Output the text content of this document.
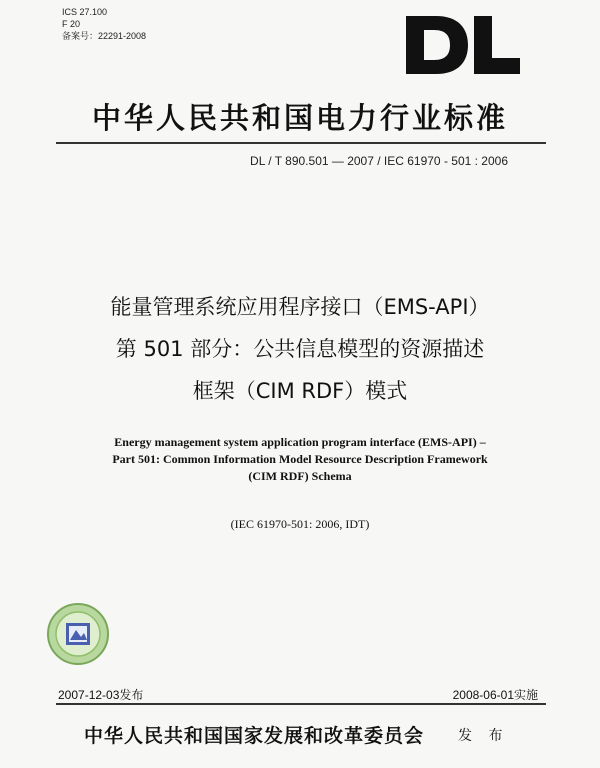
ICS 27.100
F 20
备案号：22291-2008
中华人民共和国电力行业标准
DL / T 890.501 — 2007 / IEC 61970 - 501 : 2006
能量管理系统应用程序接口（EMS-API）
第 501 部分：公共信息模型的资源描述
框架（CIM RDF）模式
Energy management system application program interface (EMS-API) –
Part 501: Common Information Model Resource Description Framework
(CIM RDF) Schema
(IEC 61970-501: 2006, IDT)
2007-12-03发布	2008-06-01实施
中华人民共和国国家发展和改革委员会 发 布
